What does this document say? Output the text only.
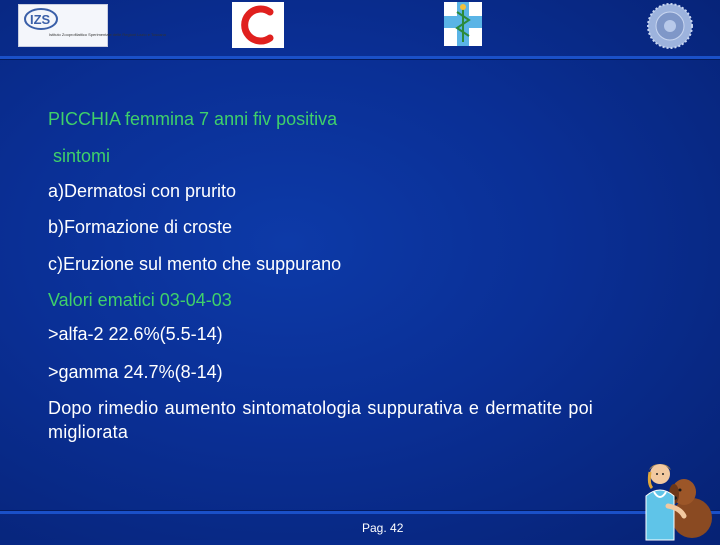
IZS
Istituto Zooprofilattico Sperimentale delle Regioni Lazio e Toscana
PICCHIA femmina 7 anni fiv positiva
sintomi
a)Dermatosi con prurito
b)Formazione di croste
c)Eruzione sul mento che suppurano
Valori ematici 03-04-03
>alfa-2 22.6%(5.5-14)
>gamma 24.7%(8-14)
Dopo rimedio aumento sintomatologia suppurativa e dermatite poi migliorata
Pag. 42
